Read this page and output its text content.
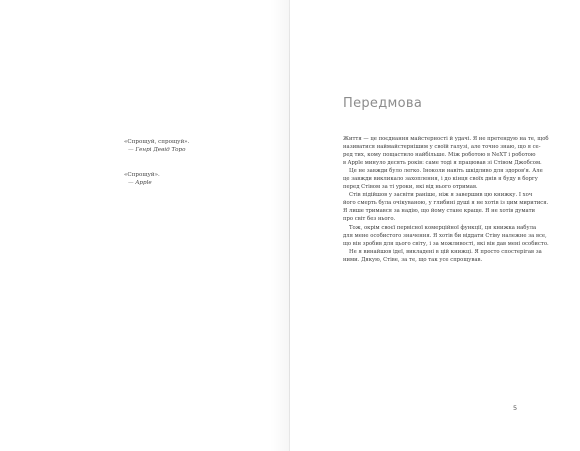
«Спрощуй, спрощуй».
— Генрі Девід Торо
«Спрощуй».
— Apple
Передмова
Життя — це поєднання майстерності й удачі. Я не претендую на те, щоб
називатися наймайстернішим у своїй галузі, але точно знаю, що я се-
ред тих, кому пощастило найбільше. Між роботою в NeXT і роботою
в Apple минуло десять років: саме тоді я працював зі Стівом Джобсом.
Це не завжди було легко. Іноколи навіть шкідливо для здоров'я. Але
це завжди викликало захоплення, і до кінця своїх днів я буду в боргу
перед Стівом за ті уроки, які від нього отримав.
Стів підійшов у засвіти раніше, ніж я завершив цю книжку. І хоч
його смерть була очікуваною, у глибині душі я не хотів із цим миритися.
Я лише тримався за надію, що йому стане краще. Я не хотів думати
про світ без нього.
Тож, окрім своєї первісної комерційної функції, ця книжка набула
для мене особистого значення. Я хотів би віддати Стіву належне за все,
що він зробив для цього світу, і за можливості, які він дав мені особисто.
Не я винайшов ідеї, викладені в цій книжці. Я просто спостерігав за
ними. Дякую, Стіве, за те, що так усе спрощував.
5
